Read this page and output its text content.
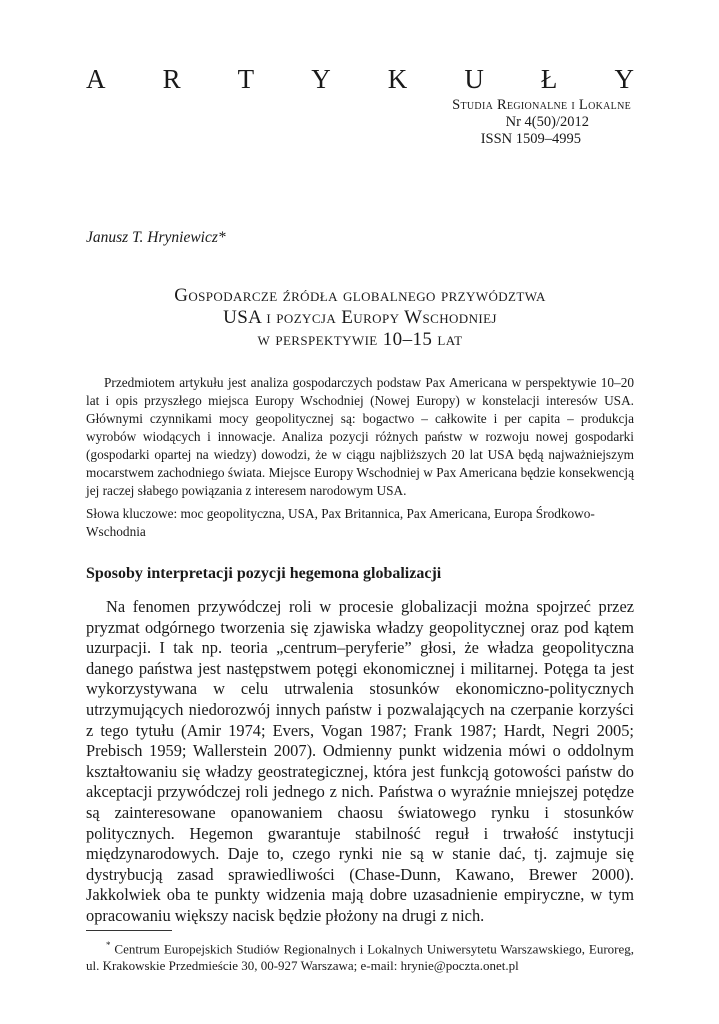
A R T Y K U Ł Y
Studia Regionalne i Lokalne
Nr 4(50)/2012
ISSN 1509–4995
Janusz T. Hryniewicz*
Gospodarcze źródła globalnego przywództwa
USA i pozycja Europy Wschodniej
w perspektywie 10–15 lat

Przedmiotem artykułu jest analiza gospodarczych podstaw Pax Americana w perspektywie 10–20 lat i opis przyszłego miejsca Europy Wschodniej (Nowej Europy) w konstelacji interesów USA. Głównymi czynnikami mocy geopolitycznej są: bogactwo – całkowite i per capita – produkcja wyrobów wiodących i innowacje. Analiza pozycji różnych państw w rozwoju nowej gospodarki (gospodarki opartej na wiedzy) dowodzi, że w ciągu najbliższych 20 lat USA będą najważniejszym mocarstwem zachodniego świata. Miejsce Europy Wschodniej w Pax Americana będzie konsekwencją jej raczej słabego powiązania z interesem narodowym USA.

Słowa kluczowe: moc geopolityczna, USA, Pax Britannica, Pax Americana, Europa Środkowo-Wschodnia
Sposoby interpretacji pozycji hegemona globalizacji

Na fenomen przywódczej roli w procesie globalizacji można spojrzeć przez pryzmat odgórnego tworzenia się zjawiska władzy geopolitycznej oraz pod kątem uzurpacji. I tak np. teoria „centrum–peryferie” głosi, że władza geopolityczna danego państwa jest następstwem potęgi ekonomicznej i militarnej. Potęga ta jest wykorzystywana w celu utrwalenia stosunków ekonomiczno-politycznych utrzymujących niedorozwój innych państw i pozwalających na czerpanie korzyści z tego tytułu (Amir 1974; Evers, Vogan 1987; Frank 1987; Hardt, Negri 2005; Prebisch 1959; Wallerstein 2007). Odmienny punkt widzenia mówi o oddolnym kształtowaniu się władzy geostrategicznej, która jest funkcją gotowości państw do akceptacji przywódczej roli jednego z nich. Państwa o wyraźnie mniejszej potędze są zainteresowane opanowaniem chaosu światowego rynku i stosunków politycznych. Hegemon gwarantuje stabilność reguł i trwałość instytucji międzynarodowych. Daje to, czego rynki nie są w stanie dać, tj. zajmuje się dystrybucją zasad sprawiedliwości (Chase-Dunn, Kawano, Brewer 2000). Jakkolwiek oba te punkty widzenia mają dobre uzasadnienie empiryczne, w tym opracowaniu większy nacisk będzie płożony na drugi z nich.

* Centrum Europejskich Studiów Regionalnych i Lokalnych Uniwersytetu Warszawskiego, Euroreg, ul. Krakowskie Przedmieście 30, 00-927 Warszawa; e-mail: hrynie@poczta.onet.pl
